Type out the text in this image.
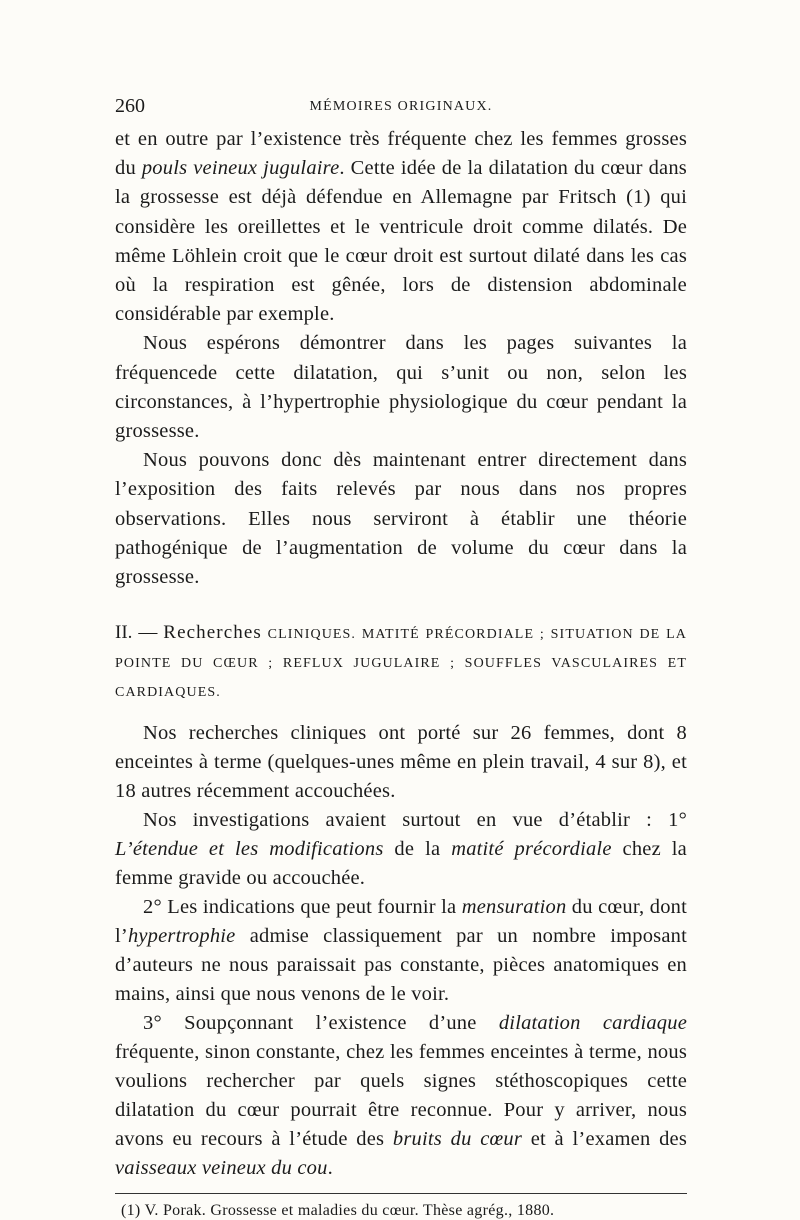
260	MÉMOIRES ORIGINAUX.

et en outre par l’existence très fréquente chez les femmes grosses du pouls veineux jugulaire. Cette idée de la dilatation du cœur dans la grossesse est déjà défendue en Allemagne par Fritsch (1) qui considère les oreillettes et le ventricule droit comme dilatés. De même Löhlein croit que le cœur droit est surtout dilaté dans les cas où la respiration est gênée, lors de distension abdominale considérable par exemple.

Nous espérons démontrer dans les pages suivantes la fréquencede cette dilatation, qui s’unit ou non, selon les circonstances, à l’hypertrophie physiologique du cœur pendant la grossesse.

Nous pouvons donc dès maintenant entrer directement dans l’exposition des faits relevés par nous dans nos propres observations. Elles nous serviront à établir une théorie pathogénique de l’augmentation de volume du cœur dans la grossesse.

II. — Recherches CLINIQUES. MATITÉ PRÉCORDIALE ; SITUATION DE LA POINTE DU CŒUR ; REFLUX JUGULAIRE ; SOUFFLES VASCULAIRES ET CARDIAQUES.

Nos recherches cliniques ont porté sur 26 femmes, dont 8 enceintes à terme (quelques-unes même en plein travail, 4 sur 8), et 18 autres récemment accouchées.

Nos investigations avaient surtout en vue d’établir : 1° L’étendue et les modifications de la matité précordiale chez la femme gravide ou accouchée.

2° Les indications que peut fournir la mensuration du cœur, dont l’hypertrophie admise classiquement par un nombre imposant d’auteurs ne nous paraissait pas constante, pièces anatomiques en mains, ainsi que nous venons de le voir.

3° Soupçonnant l’existence d’une dilatation cardiaque fréquente, sinon constante, chez les femmes enceintes à terme, nous voulions rechercher par quels signes stéthoscopiques cette dilatation du cœur pourrait être reconnue. Pour y arriver, nous avons eu recours à l’étude des bruits du cœur et à l’examen des vaisseaux veineux du cou.

(1) V. Porak. Grossesse et maladies du cœur. Thèse agrég., 1880.
